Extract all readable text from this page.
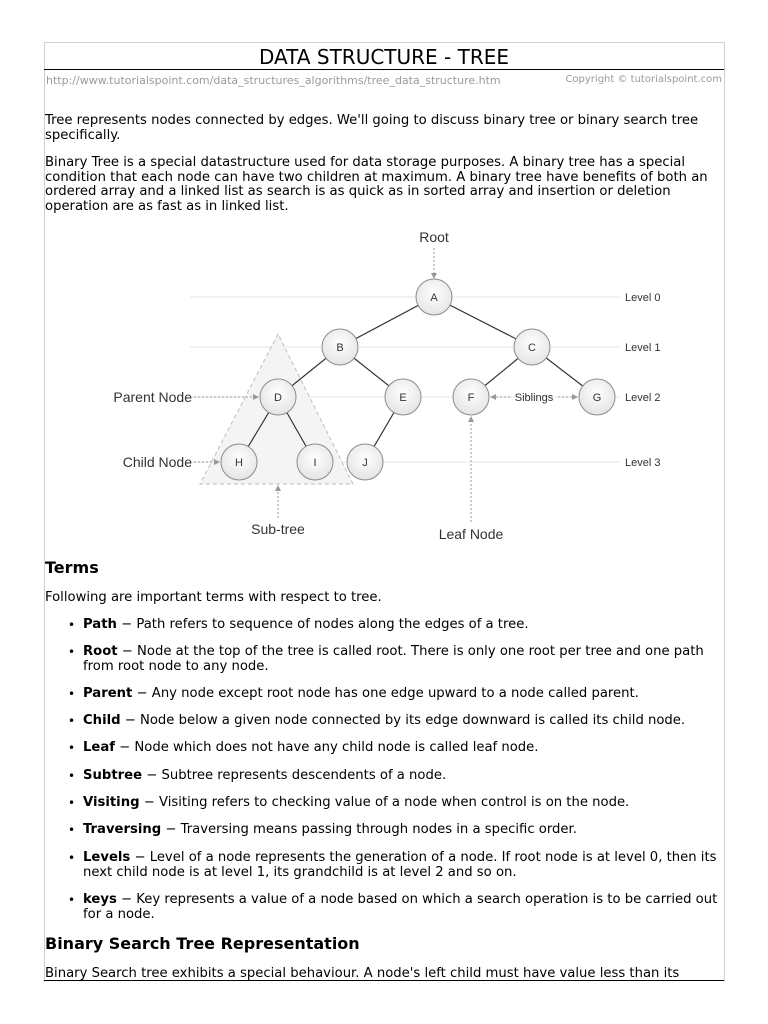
DATA STRUCTURE - TREE
http://www.tutorialspoint.com/data_structures_algorithms/tree_data_structure.htm	Copyright © tutorialspoint.com
Tree represents nodes connected by edges. We'll going to discuss binary tree or binary search tree specifically.
Binary Tree is a special datastructure used for data storage purposes. A binary tree has a special condition that each node can have two children at maximum. A binary tree have benefits of both an ordered array and a linked list as search is as quick as in sorted array and insertion or deletion operation are as fast as in linked list.
A
B	C
D	E	F	G
H	I	J
Root
Parent Node
Child Node
Sub-tree	Leaf Node
Siblings
Level 0
Level 1
Level 2
Level 3
Terms
Following are important terms with respect to tree.
• Path − Path refers to sequence of nodes along the edges of a tree.
• Root − Node at the top of the tree is called root. There is only one root per tree and one path from root node to any node.
• Parent − Any node except root node has one edge upward to a node called parent.
• Child − Node below a given node connected by its edge downward is called its child node.
• Leaf − Node which does not have any child node is called leaf node.
• Subtree − Subtree represents descendents of a node.
• Visiting − Visiting refers to checking value of a node when control is on the node.
• Traversing − Traversing means passing through nodes in a specific order.
• Levels − Level of a node represents the generation of a node. If root node is at level 0, then its next child node is at level 1, its grandchild is at level 2 and so on.
• keys − Key represents a value of a node based on which a search operation is to be carried out for a node.
Binary Search Tree Representation
Binary Search tree exhibits a special behaviour. A node's left child must have value less than its
